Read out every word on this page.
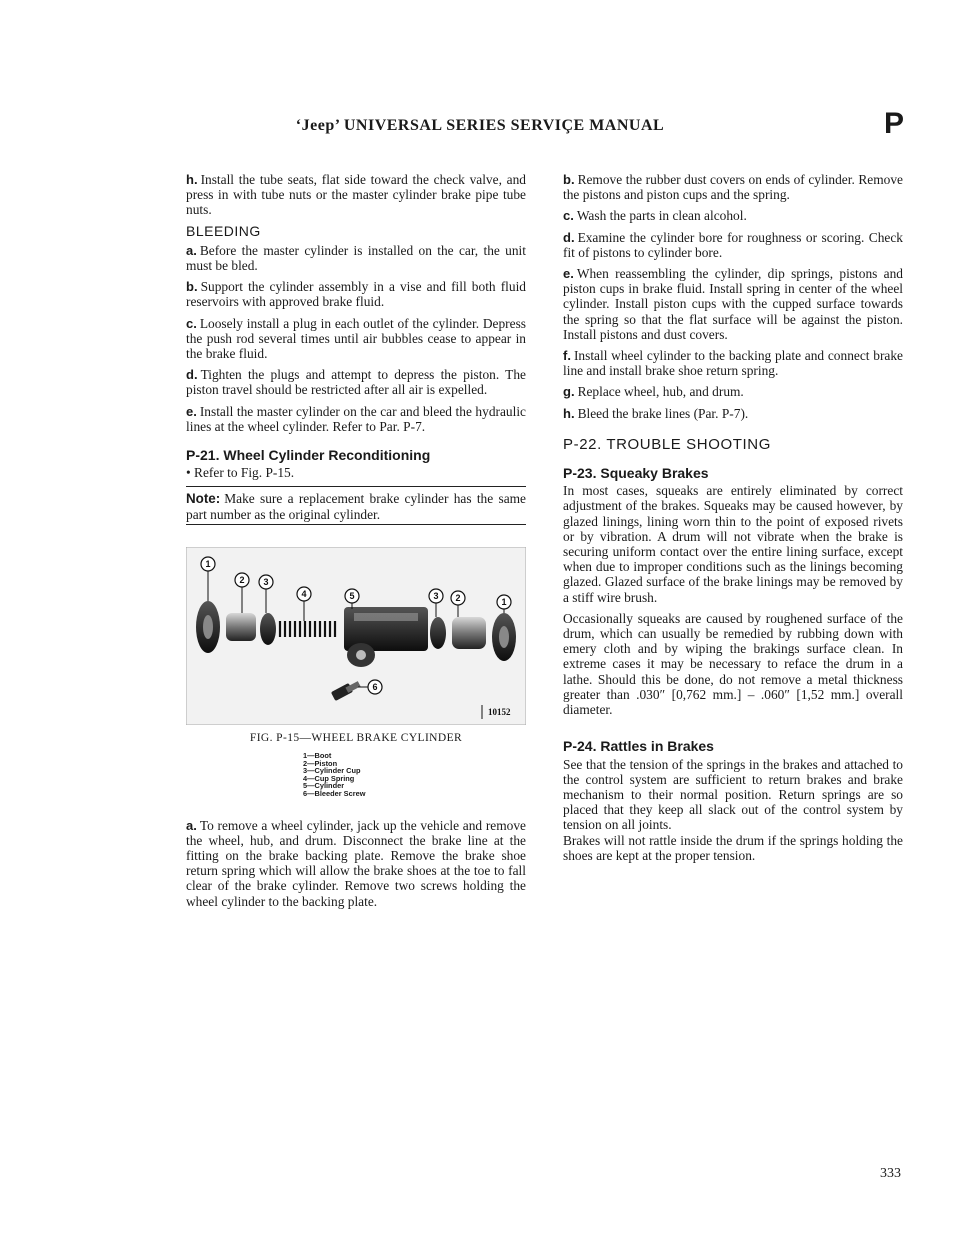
‘Jeep’ UNIVERSAL SERIES SERVIÇE MANUAL	P

h. Install the tube seats, flat side toward the check valve, and press in with tube nuts or the master cylinder brake pipe tube nuts.

BLEEDING

a. Before the master cylinder is installed on the car, the unit must be bled.

b. Support the cylinder assembly in a vise and fill both fluid reservoirs with approved brake fluid.

c. Loosely install a plug in each outlet of the cylinder. Depress the push rod several times until air bubbles cease to appear in the brake fluid.

d. Tighten the plugs and attempt to depress the piston. The piston travel should be restricted after all air is expelled.

e. Install the master cylinder on the car and bleed the hydraulic lines at the wheel cylinder. Refer to Par. P-7.

P-21. Wheel Cylinder Reconditioning
• Refer to Fig. P-15.
Note: Make sure a replacement brake cylinder has the same part number as the original cylinder.
1
2 3
4	5	3 2	1
6
10152
FIG. P-15—WHEEL BRAKE CYLINDER
1—Boot
2—Piston
3—Cylinder Cup
4—Cup Spring
5—Cylinder
6—Bleeder Screw

a. To remove a wheel cylinder, jack up the vehicle and remove the wheel, hub, and drum. Disconnect the brake line at the fitting on the brake backing plate. Remove the brake shoe return spring which will allow the brake shoes at the toe to fall clear of the brake cylinder. Remove two screws holding the wheel cylinder to the backing plate.

b. Remove the rubber dust covers on ends of cylinder. Remove the pistons and piston cups and the spring.

c. Wash the parts in clean alcohol.

d. Examine the cylinder bore for roughness or scoring. Check fit of pistons to cylinder bore.

e. When reassembling the cylinder, dip springs, pistons and piston cups in brake fluid. Install spring in center of the wheel cylinder. Install piston cups with the cupped surface towards the spring so that the flat surface will be against the piston. Install pistons and dust covers.

f. Install wheel cylinder to the backing plate and connect brake line and install brake shoe return spring.

g. Replace wheel, hub, and drum.

h. Bleed the brake lines (Par. P-7).

P-22. TROUBLE SHOOTING
P-23. Squeaky Brakes

In most cases, squeaks are entirely eliminated by correct adjustment of the brakes. Squeaks may be caused however, by glazed linings, lining worn thin to the point of exposed rivets or by vibration. A drum will not vibrate when the brake is securing uniform contact over the entire lining surface, except when due to improper conditions such as the linings becoming glazed. Glazed surface of the brake linings may be removed by a stiff wire brush.

Occasionally squeaks are caused by roughened surface of the drum, which can usually be remedied by rubbing down with emery cloth and by wiping the brakings surface clean. In extreme cases it may be necessary to reface the drum in a lathe. Should this be done, do not remove a metal thickness greater than .030″ [0,762 mm.] – .060″ [1,52 mm.] overall diameter.

P-24. Rattles in Brakes

See that the tension of the springs in the brakes and attached to the control system are sufficient to return brakes and brake mechanism to their normal position. Return springs are so placed that they keep all slack out of the control system by tension on all joints.

Brakes will not rattle inside the drum if the springs holding the shoes are kept at the proper tension.

333
